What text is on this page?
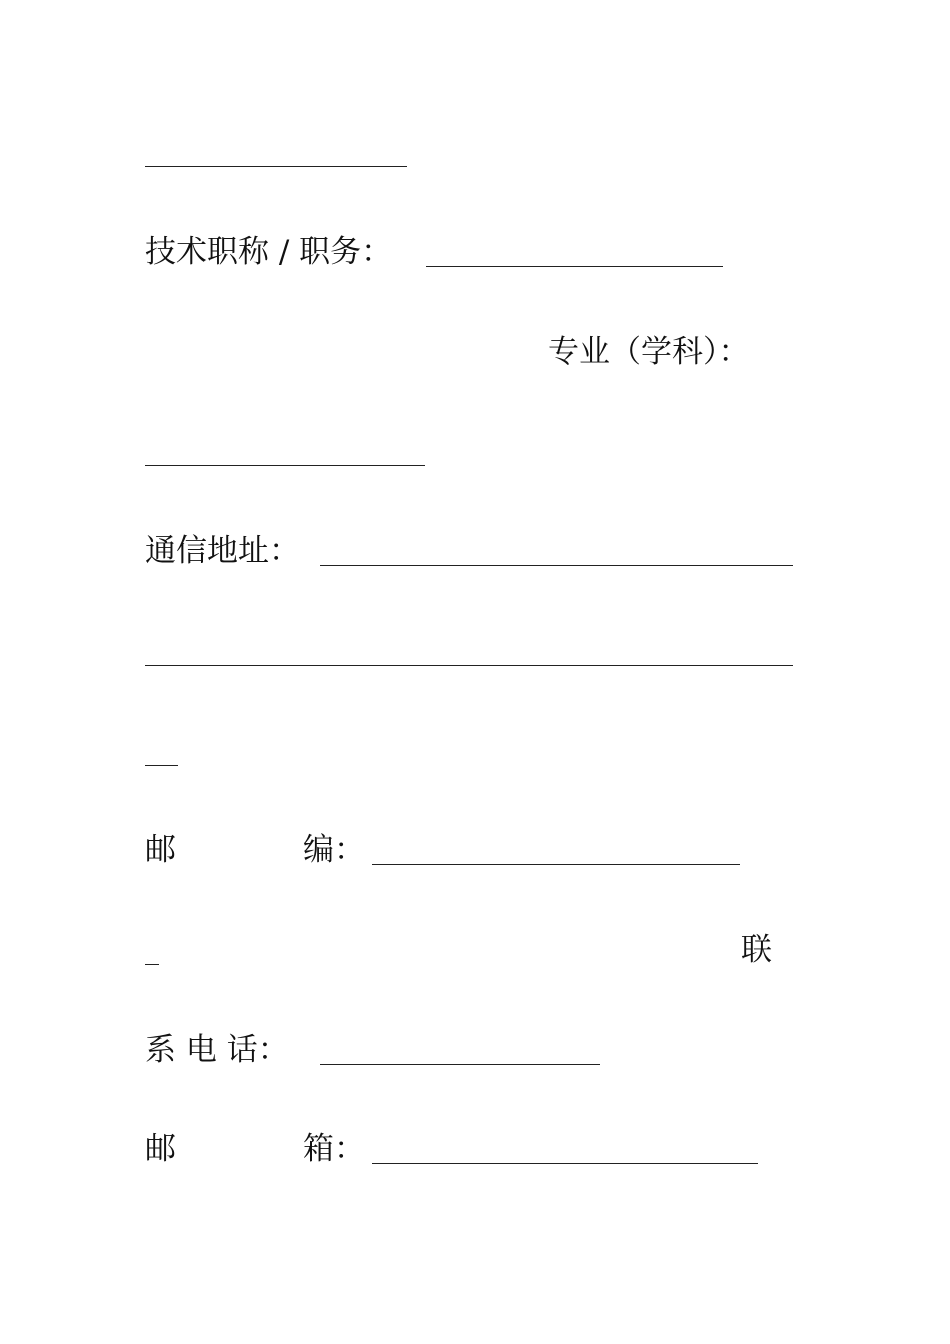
技术职称 / 职务：
专业（学科）：
通信地址：
邮	编：
联
系 电 话：
邮	箱：
